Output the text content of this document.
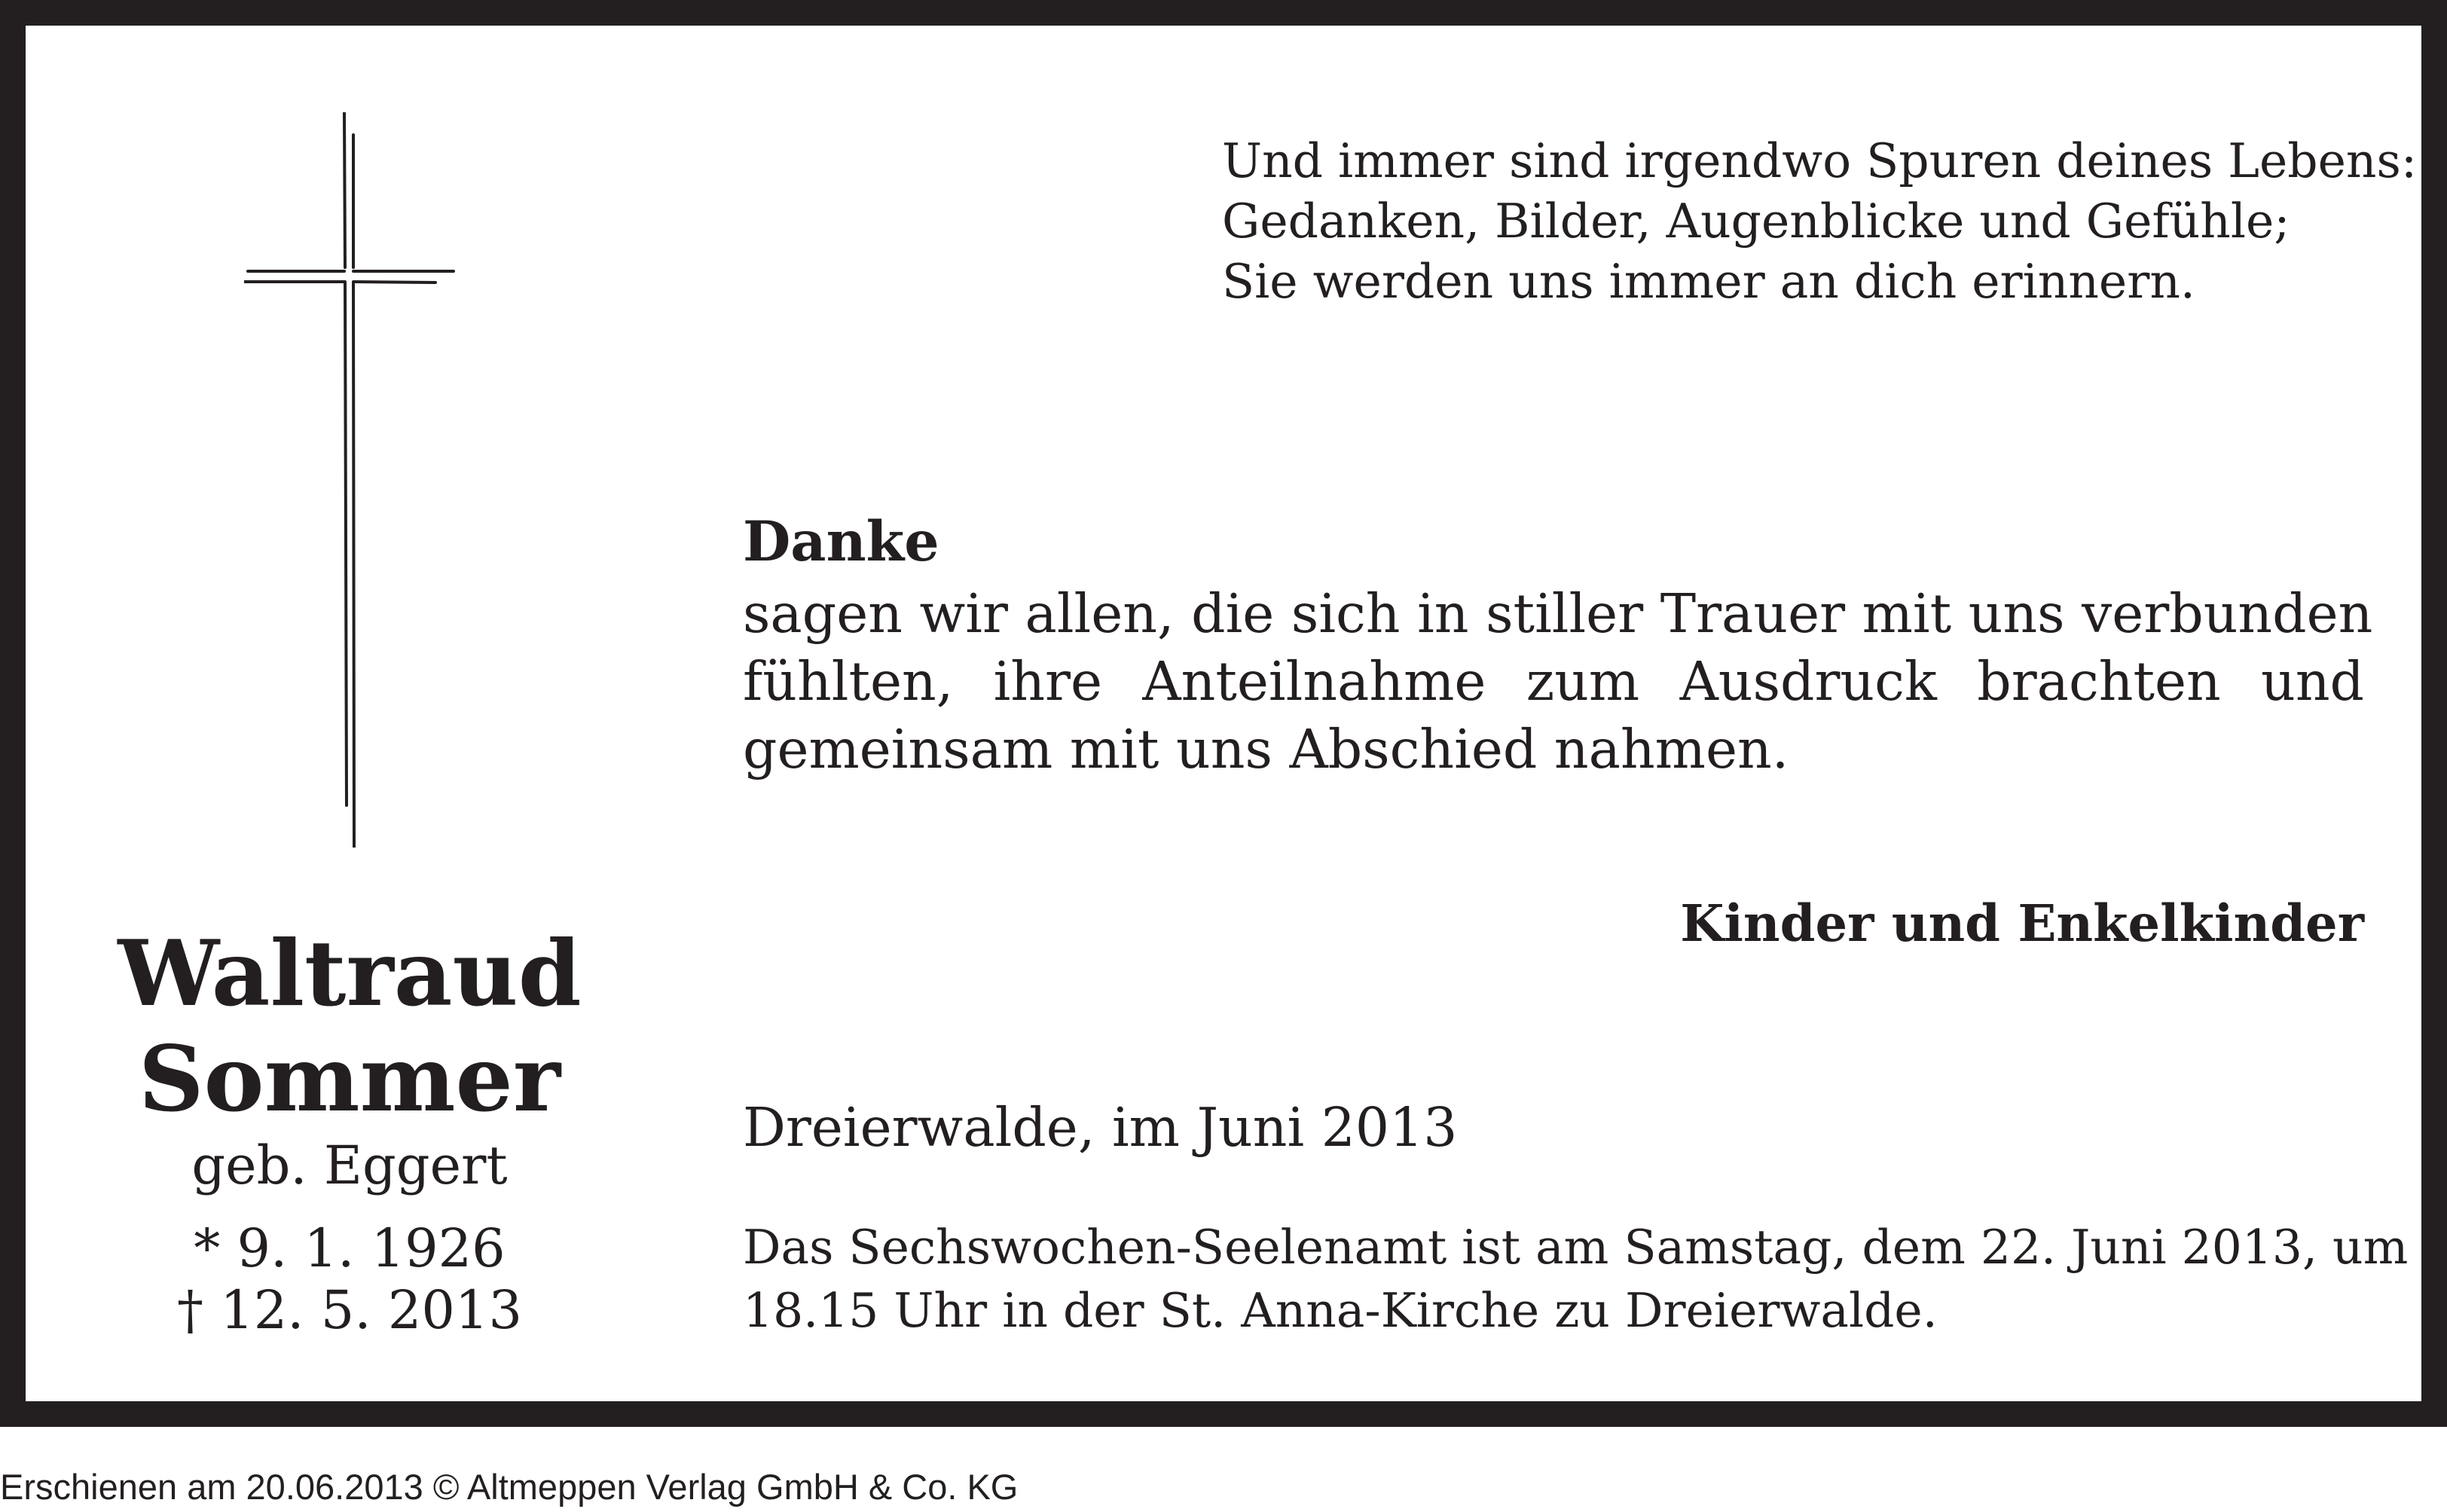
Waltraud
Sommer
geb. Eggert
* 9. 1. 1926
† 12. 5. 2013
Und immer sind irgendwo Spuren deines Lebens:
Gedanken, Bilder, Augenblicke und Gefühle;
Sie werden uns immer an dich erinnern.
Danke
sagen wir allen, die sich in stiller Trauer mit uns verbunden
fühlten, ihre Anteilnahme zum Ausdruck brachten und
gemeinsam mit uns Abschied nahmen.
Kinder und Enkelkinder
Dreierwalde, im Juni 2013
Das Sechswochen-Seelenamt ist am Samstag, dem 22. Juni 2013, um
18.15 Uhr in der St. Anna-Kirche zu Dreierwalde.
Erschienen am 20.06.2013 © Altmeppen Verlag GmbH & Co. KG
